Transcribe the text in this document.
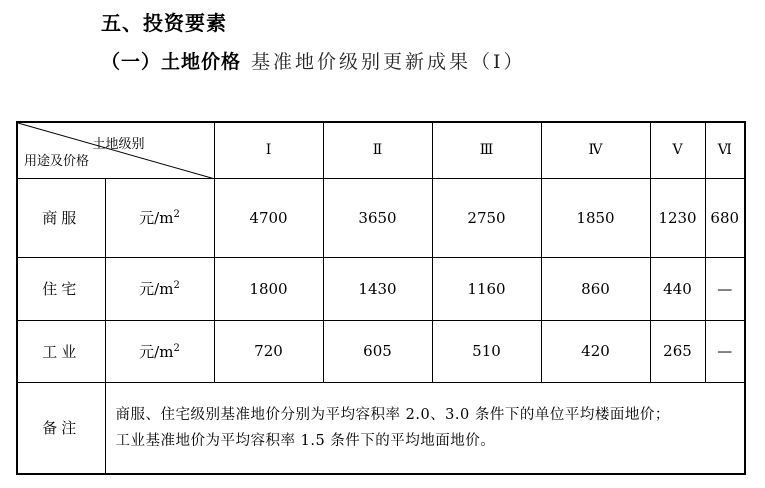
五、投资要素
（一）土地价格 基准地价级别更新成果（Ⅰ）
土地级别
用途及价格		Ⅰ	Ⅱ	Ⅲ	Ⅳ	Ⅴ	Ⅵ
商服	元$/m^2$	4700	3650	2750	1850	1230	680
住宅	元$/m^2$	1800	1430	1160	860	440	—
工业	元$/m^2$	720	605	510	420	265	—
备注	商服、住宅级别基准地价分别为平均容积率 2.0、3.0 条件下的单位平均楼面地价；
工业基准地价为平均容积率 1.5 条件下的平均地面地价。						
